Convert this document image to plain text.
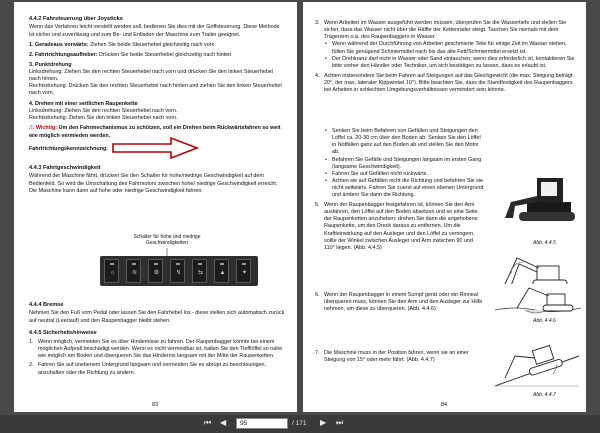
4.4.2 Fahrsteuerung über Joysticks
Wenn das Verfahren leicht verstellt werden soll, bedienen Sie dies mit der Griffsteuerung. Diese Methode ist sicher und zuverlässig und zum Be- und Entladen der Maschine zum Trailer geeignet.
1. Geradeaus vorwärts: Ziehen Sie beide Steuerhebel gleichzeitig nach vorn.
2. Fahrtrichtungsaufheber: Drücken Sie beide Steuerhebel gleichzeitig nach hinten
3. Punktdrehung
Linksdrehung: Ziehen Sie den rechten Steuerhebel nach vorn und drücken Sie den linken Steuerhebel nach hinten.
Rechtsdrehung: Drücken Sie den rechten Steuerhebel nach hinten und ziehen Sie den linken Steuerhebel nach vorn.
4. Drehen mit einer seitlichen Raupenkette
Linksdrehung: Ziehen Sie den rechten Steuerhebel nach vorn.
Rechtsdrehung: Ziehen Sie den linken Steuerhebel nach vorn.
⚠ Wichtig: Um den Fahrmechanismus zu schützen, soll ein Drehen beim Rückwärtsfahren so weit wie möglich vermieden werden.
Fahrtrichtungskennzeichnung:
4.4.3 Fahrtgeschwindigkeit
Während der Maschine fährt, drücken Sie den Schalter für hohe/niedrige Geschwindigkeit auf dem Bedienfeld. So wird die Umschaltung des Fahrmotors zwischen hohe/ niedrige Geschwindigkeit erreicht. Die Maschine kann dann auf hohe oder niedrige Geschwindigkeit fahren.
Schalter für hohe und niedrige
Geschwindigkeiten
☼	≋	⚙	↯	⇆	▲	✦
4.4.4 Bremse
Nehmen Sie den Fuß vom Pedal oder lassen Sie den Fahrhebel los - diese stellen sich automatisch zurück auf neutral (Leerlauf) und den Raupenbagger bleibt stehen.
4.4.5 Sicherheitshinweise
1. Wenn möglich, vermeiden Sie es über Hindernisse zu fahren. Der Raupenbagger könnte bei einem möglichen Aufprall beschädigt werden. Wenn es nicht vermeidbar ist, halten Sie den Tiefflöffel so nahe wie möglich am Boden und überqueren Sie das Hindernis langsam mit der Mitte der Raupenketten.
2. Fahren Sie auf unebenem Untergrund langsam und vermeiden Sie es abrupt zu beschleunigen, anzuhalten oder die Richtung zu ändern.
83
3. Wenn Arbeiten im Wasser ausgeführt werden müssen, überprüfen Sie die Wassertiefe und stellen Sie sicher, dass das Wasser nicht über die Hälfte der Kettenräder steigt. Tauchen Sie niemals mit dem Trägerarm o.ä. des Raupenbaggers in Wasser.
• Wenn während der Durchführung von Arbeiten geschmierte Teile für einige Zeit im Wasser stehen, füllen Sie genügend Schmiermittel nach bis das alte Fett/Schmiermittel ersetzt ist.
• Der Drehkranz darf nicht in Wasser oder Sand eintauchen; wenn dies erforderlich ist, kontaktieren Sie bitte vorher den Händler oder Techniker, um sich bestätigen zu lassen, dass es erlaubt ist.
4. Achten insbesondere Sie beim Fahren auf Steigungen auf das Gleichgewicht (die max. Steigung beträgt 20°, der max. lateraler Kippwinkel 10°). Bitte beachten Sie, dass die Standfestigkeit des Raupenbaggers bei Arbeiten in schlechten Umgebungsverhältnissen vermindert sein könnte.
• Senken Sie beim Befahren von Gefällen und Steigungen den Löffel ca. 20-30 cm über den Boden ab. Senken Sie den Löffel in Notfällen ganz auf den Boden ab und stellen Sie den Motor ab.
• Befahren Sie Gefälle und Steigungen langsam im ersten Gang (langsame Geschwindigkeit).
• Fahren Sie auf Gefällen nicht rückwärts.
• Achten sie auf Gefällen nicht die Richtung und befahren Sie sie nicht seitwärts. Fahren Sie zuerst auf einen ebenen Untergrund und ändern Sie dann die Richtung.
5. Wenn der Raupenbagger festgefahren ist, können Sie den Arm ausfahren, den Löffel auf den Boden absetzen und so eine Seite der Raupenketten anzuheben; drehen Sie dann die angehobene Raupenkette, um den Dreck daraus zu entfernen. Um die Kraftteinwirkung auf den Ausleger und den Löffel zu verringern, sollte der Winkel zwischen Ausleger und Arm zwischen 90 und 110° liegen. (Abb. 4.4.5)
6. Wenn der Raupenbagger in einem Sumpf gerät oder ein Rinneal überqueren muss, können Sie den Arm und den Ausleger zur Hilfe nehmen, um diese zu überqueren. (Abb. 4.4.6)
7. Die Maschine muss in der Position fahren, wenn sie an einer Steigung von 15° oder mehr fährt. (Abb. 4.4.7)
Abb. 4.4.5
Abb. 4.4.6
Abb. 4.4.7
84
⏮ ◀	95	/ 171 ▶ ⏭
